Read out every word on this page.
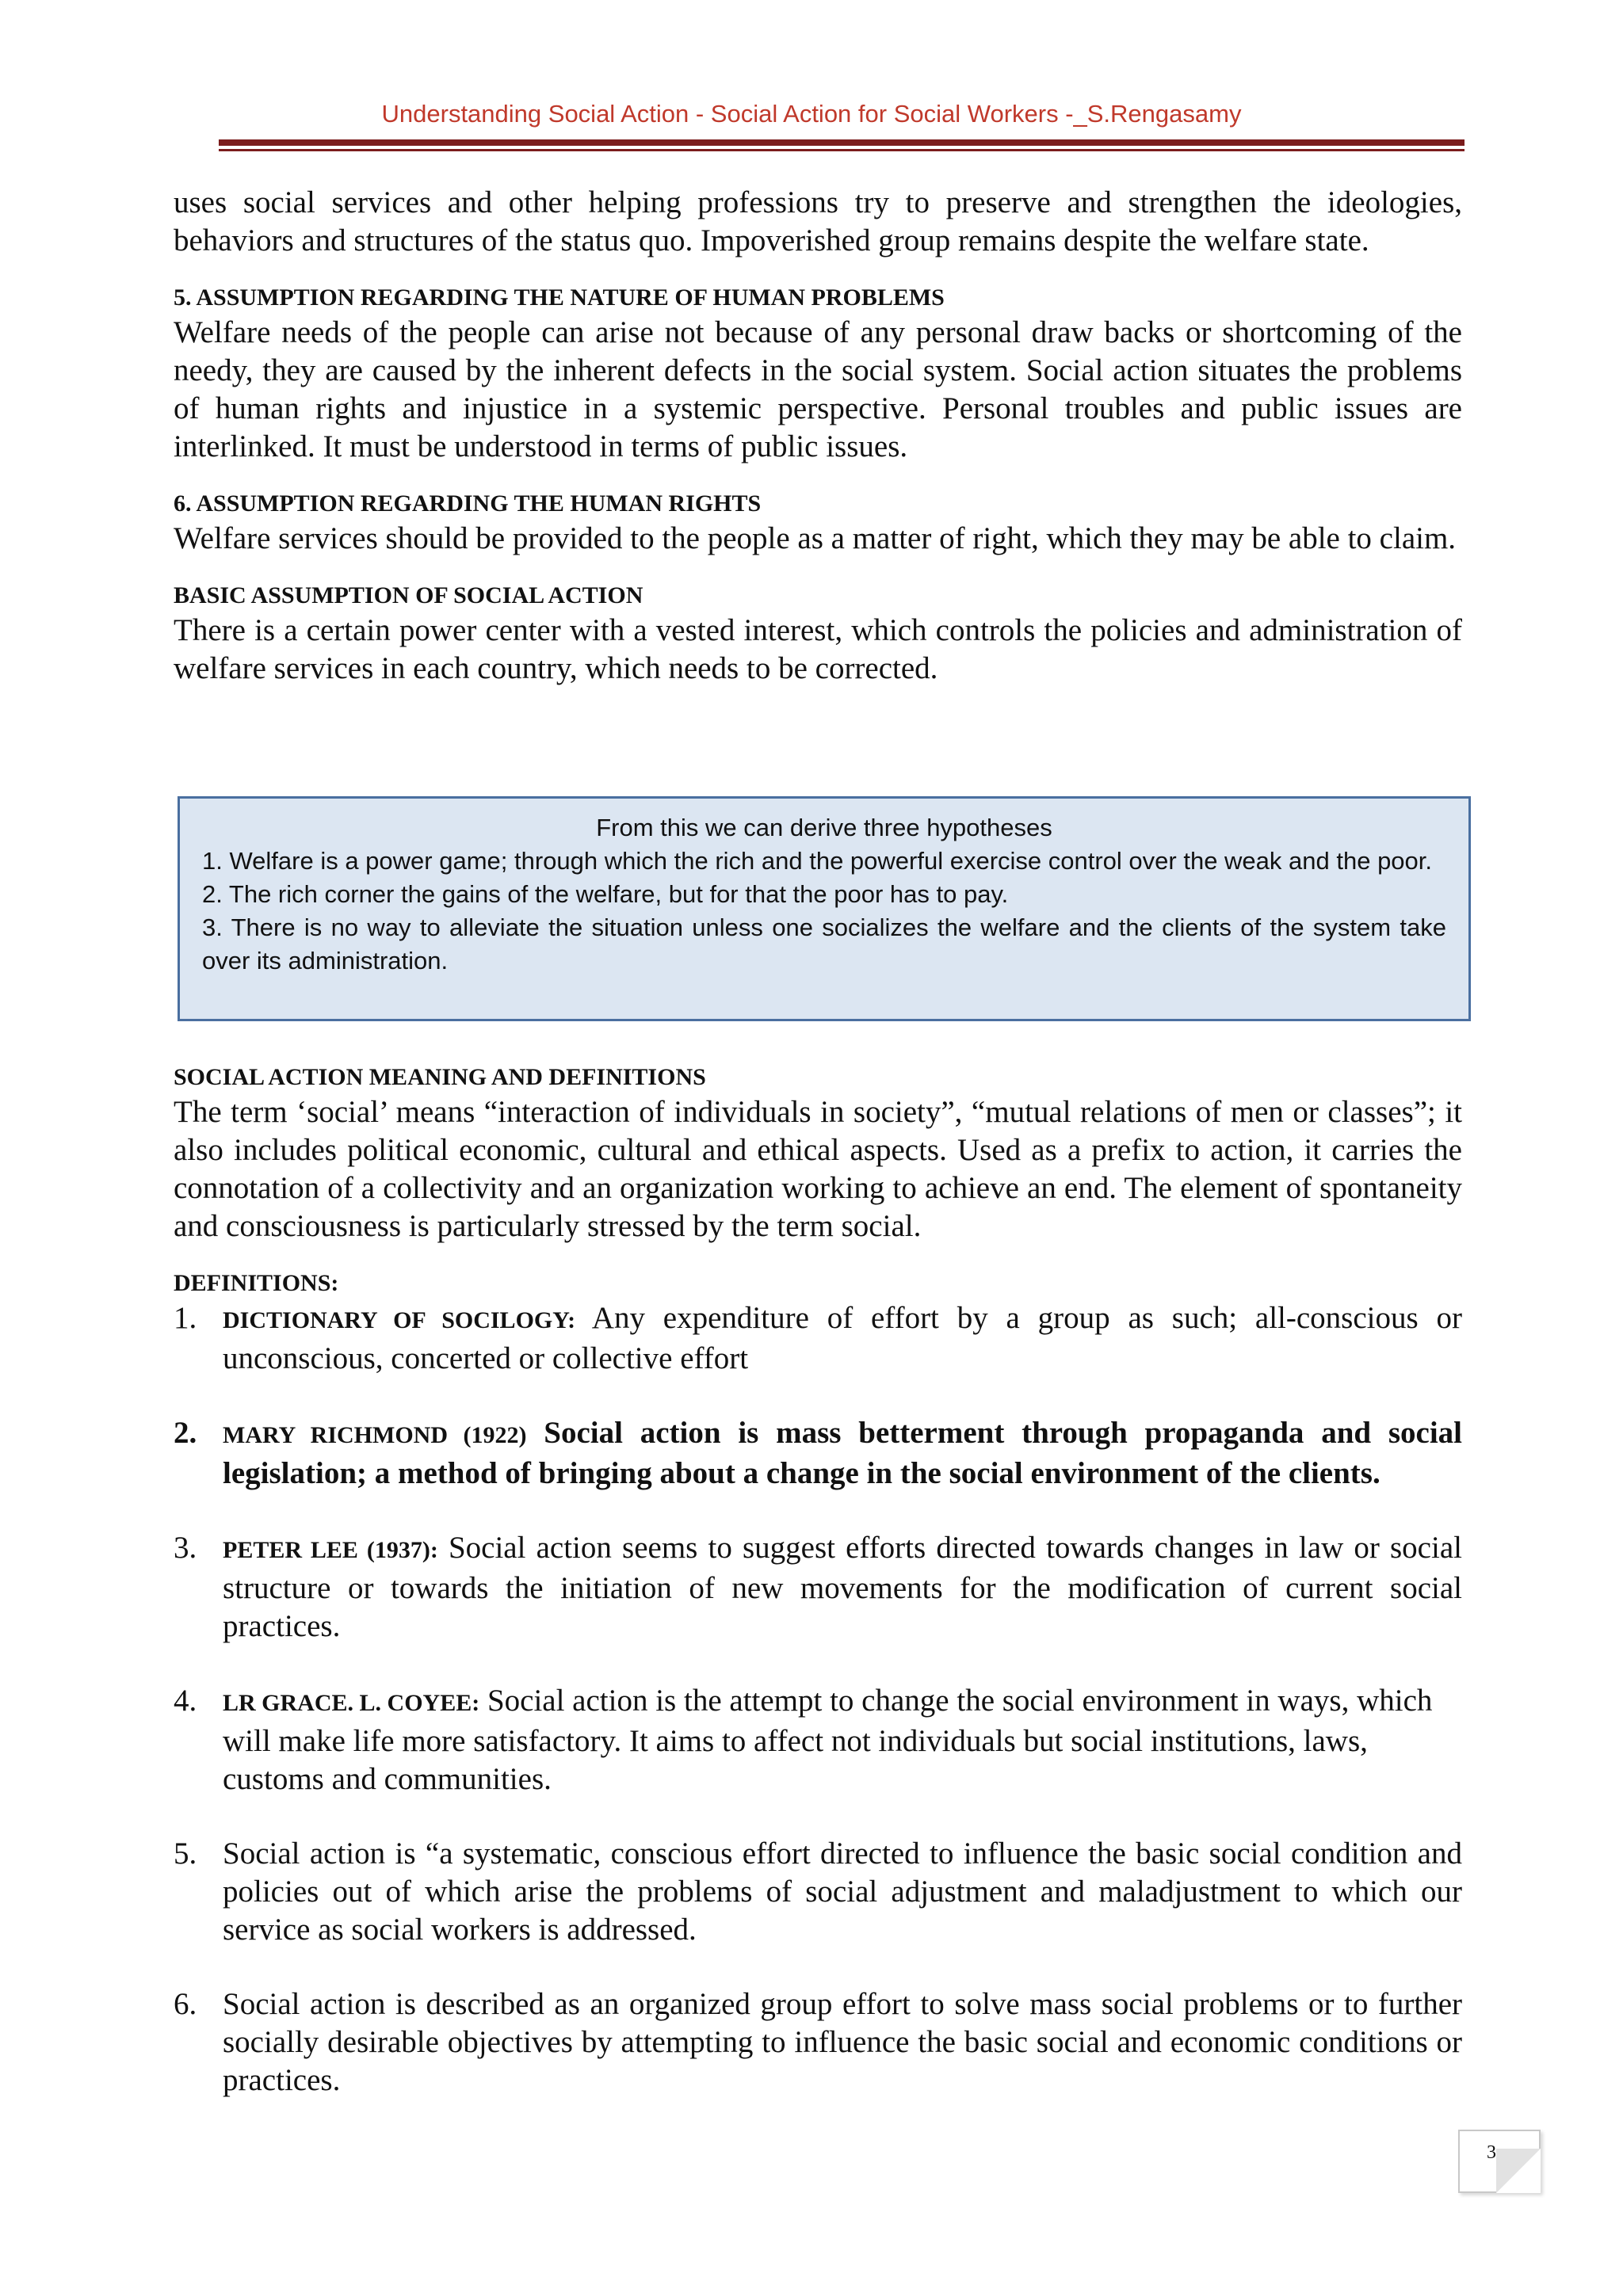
Understanding Social Action - Social Action for Social Workers -_S.Rengasamy

uses social services and other helping professions try to preserve and strengthen the ideologies, behaviors and structures of the status quo. Impoverished group remains despite the welfare state.

5. ASSUMPTION REGARDING THE NATURE OF HUMAN PROBLEMS

Welfare needs of the people can arise not because of any personal draw backs or shortcoming of the needy, they are caused by the inherent defects in the social system. Social action situates the problems of human rights and injustice in a systemic perspective. Personal troubles and public issues are interlinked. It must be understood in terms of public issues.

6. ASSUMPTION REGARDING THE HUMAN RIGHTS

Welfare services should be provided to the people as a matter of right, which they may be able to claim.

BASIC ASSUMPTION OF SOCIAL ACTION

There is a certain power center with a vested interest, which controls the policies and administration of welfare services in each country, which needs to be corrected.

From this we can derive three hypotheses

1. Welfare is a power game; through which the rich and the powerful exercise control over the weak and the poor.

2. The rich corner the gains of the welfare, but for that the poor has to pay.

3. There is no way to alleviate the situation unless one socializes the welfare and the clients of the system take over its administration.

SOCIAL ACTION MEANING AND DEFINITIONS

The term ‘social’ means “interaction of individuals in society”, “mutual relations of men or classes”; it also includes political economic, cultural and ethical aspects. Used as a prefix to action, it carries the connotation of a collectivity and an organization working to achieve an end. The element of spontaneity and consciousness is particularly stressed by the term social.

DEFINITIONS:

1. DICTIONARY OF SOCILOGY: Any expenditure of effort by a group as such; all-conscious or unconscious, concerted or collective effort
2. MARY RICHMOND (1922) Social action is mass betterment through propaganda and social legislation; a method of bringing about a change in the social environment of the clients.
3. PETER LEE (1937): Social action seems to suggest efforts directed towards changes in law or social structure or towards the initiation of new movements for the modification of current social practices.
4. LR GRACE. L. COYEE: Social action is the attempt to change the social environment in ways, which will make life more satisfactory. It aims to affect not individuals but social institutions, laws, customs and communities.
5. Social action is “a systematic, conscious effort directed to influence the basic social condition and policies out of which arise the problems of social adjustment and maladjustment to which our service as social workers is addressed.
6. Social action is described as an organized group effort to solve mass social problems or to further socially desirable objectives by attempting to influence the basic social and economic conditions or practices.
3
